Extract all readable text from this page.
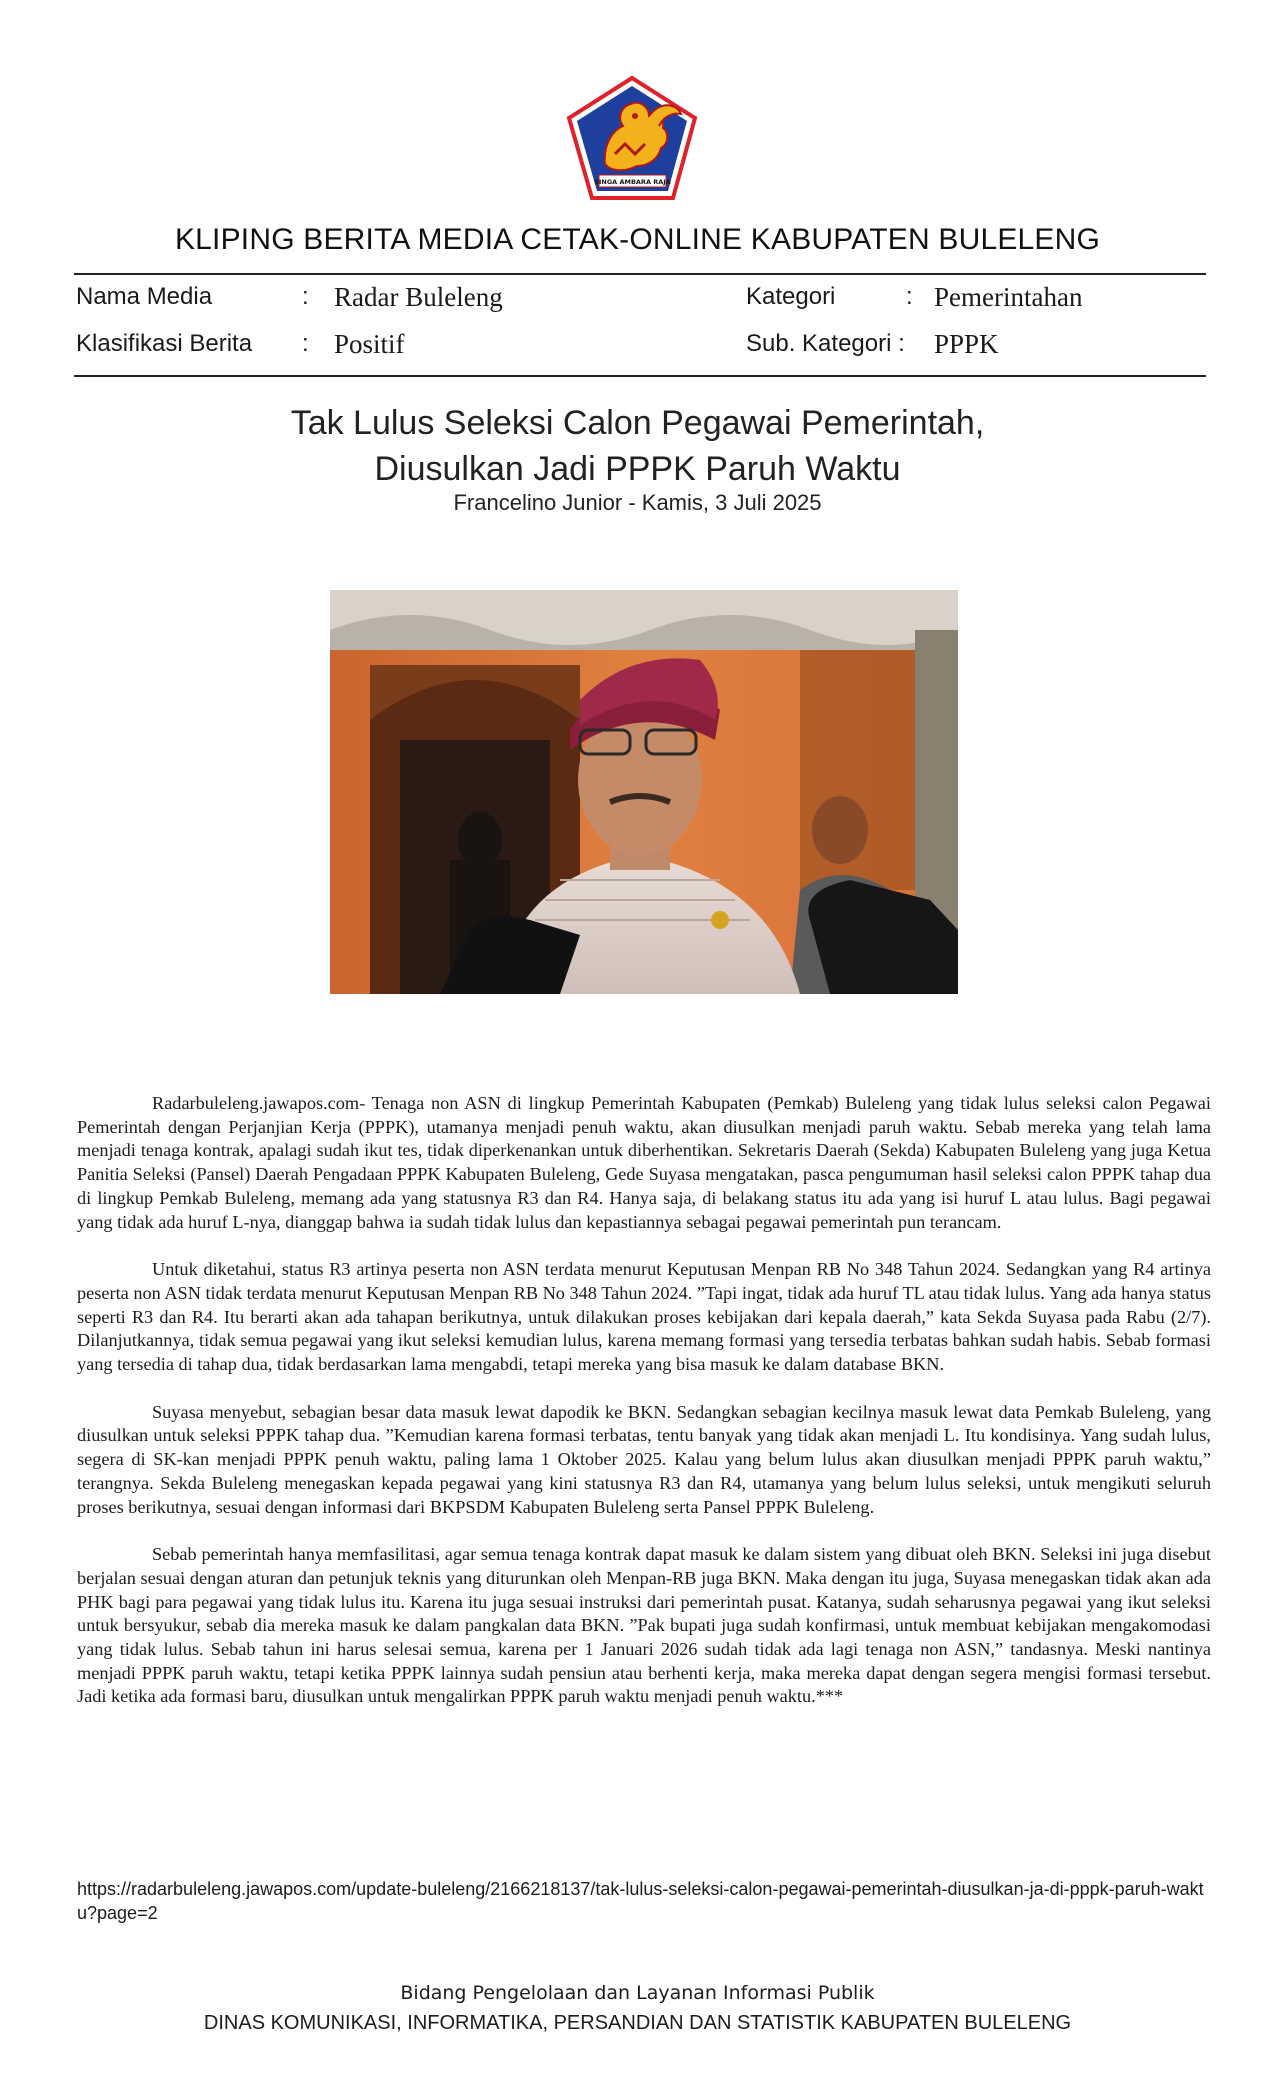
SINGA AMBARA RAJA
KLIPING BERITA MEDIA CETAK-ONLINE KABUPATEN BULELENG
Nama Media	: Radar Buleleng	Kategori	: Pemerintahan
Klasifikasi Berita : Positif	Sub. Kategori : PPPK
Tak Lulus Seleksi Calon Pegawai Pemerintah,
Diusulkan Jadi PPPK Paruh Waktu
Francelino Junior - Kamis, 3 Juli 2025

Radarbuleleng.jawapos.com- Tenaga non ASN di lingkup Pemerintah Kabupaten (Pemkab) Buleleng yang tidak lulus seleksi calon Pegawai Pemerintah dengan Perjanjian Kerja (PPPK), utamanya menjadi penuh waktu, akan diusulkan menjadi paruh waktu. Sebab mereka yang telah lama menjadi tenaga kontrak, apalagi sudah ikut tes, tidak diperkenankan untuk diberhentikan. Sekretaris Daerah (Sekda) Kabupaten Buleleng yang juga Ketua Panitia Seleksi (Pansel) Daerah Pengadaan PPPK Kabupaten Buleleng, Gede Suyasa mengatakan, pasca pengumuman hasil seleksi calon PPPK tahap dua di lingkup Pemkab Buleleng, memang ada yang statusnya R3 dan R4. Hanya saja, di belakang status itu ada yang isi huruf L atau lulus. Bagi pegawai yang tidak ada huruf L-nya, dianggap bahwa ia sudah tidak lulus dan kepastiannya sebagai pegawai pemerintah pun terancam.

Untuk diketahui, status R3 artinya peserta non ASN terdata menurut Keputusan Menpan RB No 348 Tahun 2024. Sedangkan yang R4 artinya peserta non ASN tidak terdata menurut Keputusan Menpan RB No 348 Tahun 2024. ”Tapi ingat, tidak ada huruf TL atau tidak lulus. Yang ada hanya status seperti R3 dan R4. Itu berarti akan ada tahapan berikutnya, untuk dilakukan proses kebijakan dari kepala daerah,” kata Sekda Suyasa pada Rabu (2/7). Dilanjutkannya, tidak semua pegawai yang ikut seleksi kemudian lulus, karena memang formasi yang tersedia terbatas bahkan sudah habis. Sebab formasi yang tersedia di tahap dua, tidak berdasarkan lama mengabdi, tetapi mereka yang bisa masuk ke dalam database BKN.

Suyasa menyebut, sebagian besar data masuk lewat dapodik ke BKN. Sedangkan sebagian kecilnya masuk lewat data Pemkab Buleleng, yang diusulkan untuk seleksi PPPK tahap dua. ”Kemudian karena formasi terbatas, tentu banyak yang tidak akan menjadi L. Itu kondisinya. Yang sudah lulus, segera di SK-kan menjadi PPPK penuh waktu, paling lama 1 Oktober 2025. Kalau yang belum lulus akan diusulkan menjadi PPPK paruh waktu,” terangnya. Sekda Buleleng menegaskan kepada pegawai yang kini statusnya R3 dan R4, utamanya yang belum lulus seleksi, untuk mengikuti seluruh proses berikutnya, sesuai dengan informasi dari BKPSDM Kabupaten Buleleng serta Pansel PPPK Buleleng.

Sebab pemerintah hanya memfasilitasi, agar semua tenaga kontrak dapat masuk ke dalam sistem yang dibuat oleh BKN. Seleksi ini juga disebut berjalan sesuai dengan aturan dan petunjuk teknis yang diturunkan oleh Menpan-RB juga BKN. Maka dengan itu juga, Suyasa menegaskan tidak akan ada PHK bagi para pegawai yang tidak lulus itu. Karena itu juga sesuai instruksi dari pemerintah pusat. Katanya, sudah seharusnya pegawai yang ikut seleksi untuk bersyukur, sebab dia mereka masuk ke dalam pangkalan data BKN. ”Pak bupati juga sudah konfirmasi, untuk membuat kebijakan mengakomodasi yang tidak lulus. Sebab tahun ini harus selesai semua, karena per 1 Januari 2026 sudah tidak ada lagi tenaga non ASN,” tandasnya. Meski nantinya menjadi PPPK paruh waktu, tetapi ketika PPPK lainnya sudah pensiun atau berhenti kerja, maka mereka dapat dengan segera mengisi formasi tersebut. Jadi ketika ada formasi baru, diusulkan untuk mengalirkan PPPK paruh waktu menjadi penuh waktu.***

https://radarbuleleng.jawapos.com/update-buleleng/2166218137/tak-lulus-seleksi-calon-pegawai-pemerintah-diusulkan-ja-di-pppk-paruh-waktu?page=2
Bidang Pengelolaan dan Layanan Informasi Publik
DINAS KOMUNIKASI, INFORMATIKA, PERSANDIAN DAN STATISTIK KABUPATEN BULELENG
